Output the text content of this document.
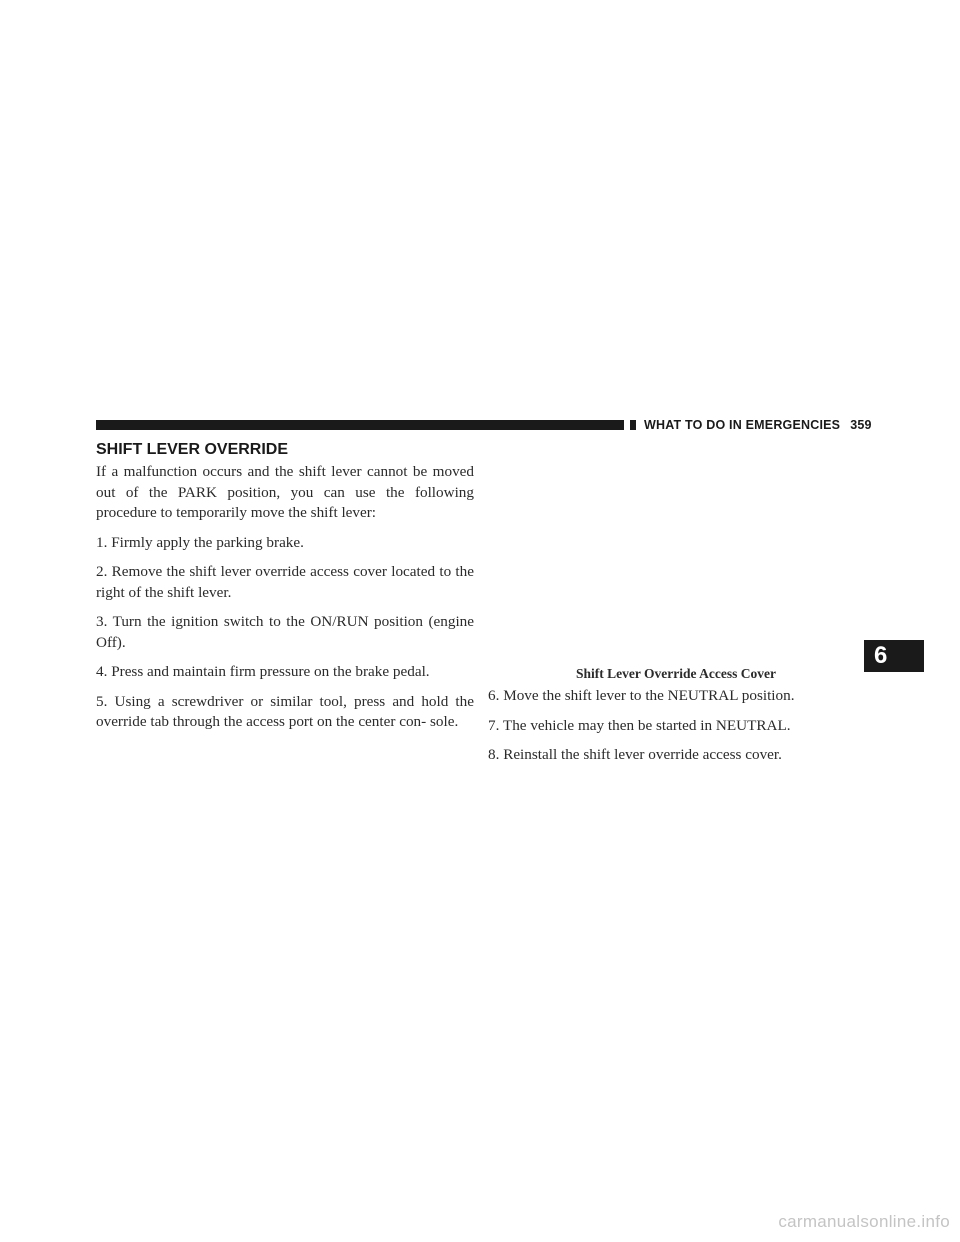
WHAT TO DO IN EMERGENCIES 359
SHIFT LEVER OVERRIDE

If a malfunction occurs and the shift lever cannot be moved out of the PARK position, you can use the following procedure to temporarily move the shift lever:

1. Firmly apply the parking brake.

2. Remove the shift lever override access cover located to the right of the shift lever.

3. Turn the ignition switch to the ON/RUN position (engine Off).

4. Press and maintain firm pressure on the brake pedal.

5. Using a screwdriver or similar tool, press and hold the override tab through the access port on the center con- sole.

Shift Lever Override Access Cover

6. Move the shift lever to the NEUTRAL position.

7. The vehicle may then be started in NEUTRAL.

8. Reinstall the shift lever override access cover.

6
carmanualsonline.info
